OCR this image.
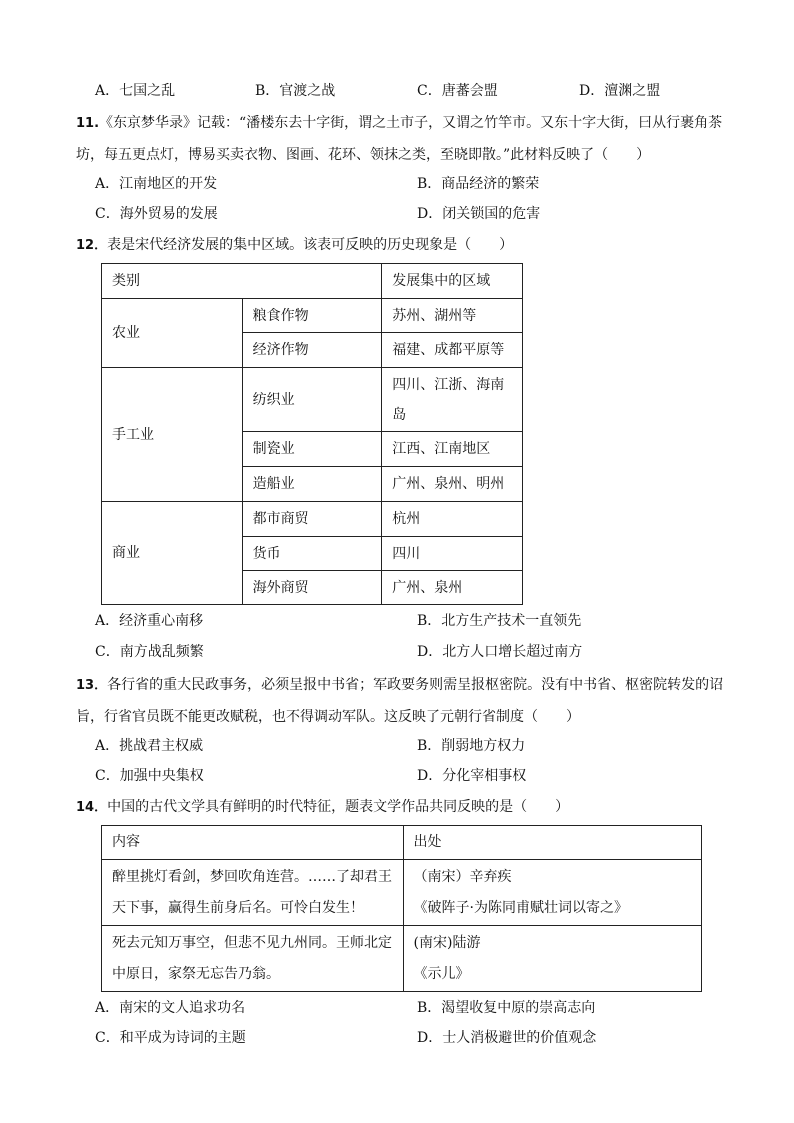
A．七国之乱	B．官渡之战	C．唐蕃会盟	D．澶渊之盟
11.《东京梦华录》记载：“潘楼东去十字街，谓之土市子，又谓之竹竿市。又东十字大街，曰从行裹角茶坊，每五更点灯，博易买卖衣物、图画、花环、领抹之类，至晓即散。”此材料反映了（　　）
A．江南地区的开发	B．商品经济的繁荣
C．海外贸易的发展	D．闭关锁国的危害
12．表是宋代经济发展的集中区域。该表可反映的历史现象是（　　）
类别		发展集中的区域
农业	粮食作物	苏州、湖州等
	经济作物	福建、成都平原等
手工业	纺织业	四川、江浙、海南岛
	制瓷业	江西、江南地区
	造船业	广州、泉州、明州
商业	都市商贸	杭州
	货币	四川
	海外商贸	广州、泉州
A．经济重心南移	B．北方生产技术一直领先
C．南方战乱频繁	D．北方人口增长超过南方
13．各行省的重大民政事务，必须呈报中书省；军政要务则需呈报枢密院。没有中书省、枢密院转发的诏旨，行省官员既不能更改赋税，也不得调动军队。这反映了元朝行省制度（　　）
A．挑战君主权威	B．削弱地方权力
C．加强中央集权	D．分化宰相事权
14．中国的古代文学具有鲜明的时代特征，题表文学作品共同反映的是（　　）
内容	出处
醉里挑灯看剑，梦回吹角连营。……了却君王天下事，赢得生前身后名。可怜白发生！	（南宋）辛弃疾
《破阵子·为陈同甫赋壮词以寄之》

死去元知万事空，但悲不见九州同。王师北定中原日，家祭无忘告乃翁。	(南宋)陆游
《示儿》
A．南宋的文人追求功名	B．渴望收复中原的崇高志向
C．和平成为诗词的主题	D．士人消极避世的价值观念
